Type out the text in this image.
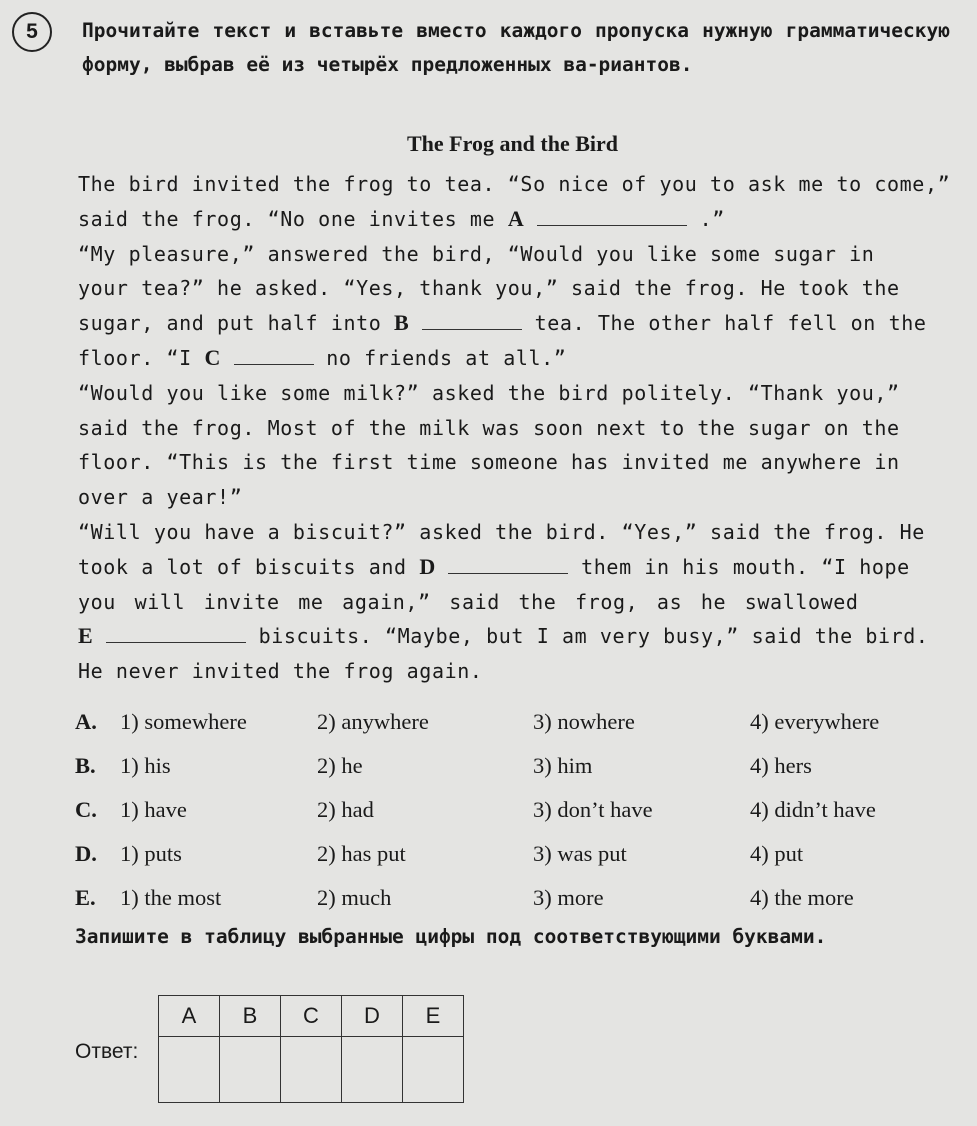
5	Прочитайте текст и вставьте вместо каждого пропуска нужную грамматическую форму, выбрав её из четырёх предложенных ва-риантов.
The Frog and the Bird
The bird invited the frog to tea. “So nice of you to ask me to come,”
said the frog. “No one invites me A	.”
“My pleasure,” answered the bird, “Would you like some sugar in
your tea?” he asked. “Yes, thank you,” said the frog. He took the
sugar, and put half into B	tea. The other half fell on the
floor. “I C	no friends at all.”
“Would you like some milk?” asked the bird politely. “Thank you,”
said the frog. Most of the milk was soon next to the sugar on the
floor. “This is the first time someone has invited me anywhere in
over a year!”
“Will you have a biscuit?” asked the bird. “Yes,” said the frog. He
took a lot of biscuits and D	them in his mouth. “I hope
you will invite me again,” said the frog, as he swallowed
E	biscuits. “Maybe, but I am very busy,” said the bird.
He never invited the frog again.
A. 1) somewhere	2) anywhere	3) nowhere	4) everywhere
B. 1) his	2) he	3) him	4) hers
C. 1) have	2) had	3) don’t have	4) didn’t have
D. 1) puts	2) has put	3) was put	4) put
E. 1) the most	2) much	3) more	4) the more
Запишите в таблицу выбранные цифры под соответствующими буквами.
Ответ:
A	B	C	D	E
